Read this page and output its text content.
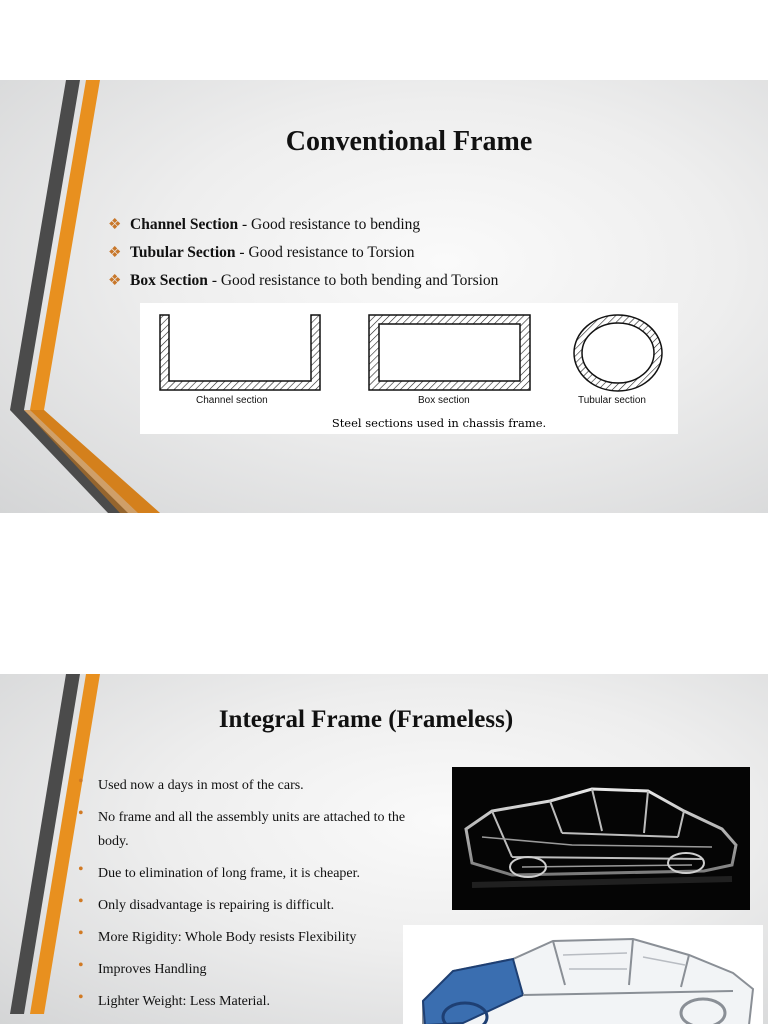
Conventional Frame
❖ Channel Section - Good resistance to bending
❖ Tubular Section - Good resistance to Torsion
❖ Box Section - Good resistance to both bending and Torsion
Channel section	Box section	Tubular section
Steel sections used in chassis frame.
Integral Frame (Frameless)
• Used now a days in most of the cars.
• No frame and all the assembly units are attached to the body.
• Due to elimination of long frame, it is cheaper.
• Only disadvantage is repairing is difficult.
• More Rigidity: Whole Body resists Flexibility
• Improves Handling
• Lighter Weight: Less Material.
